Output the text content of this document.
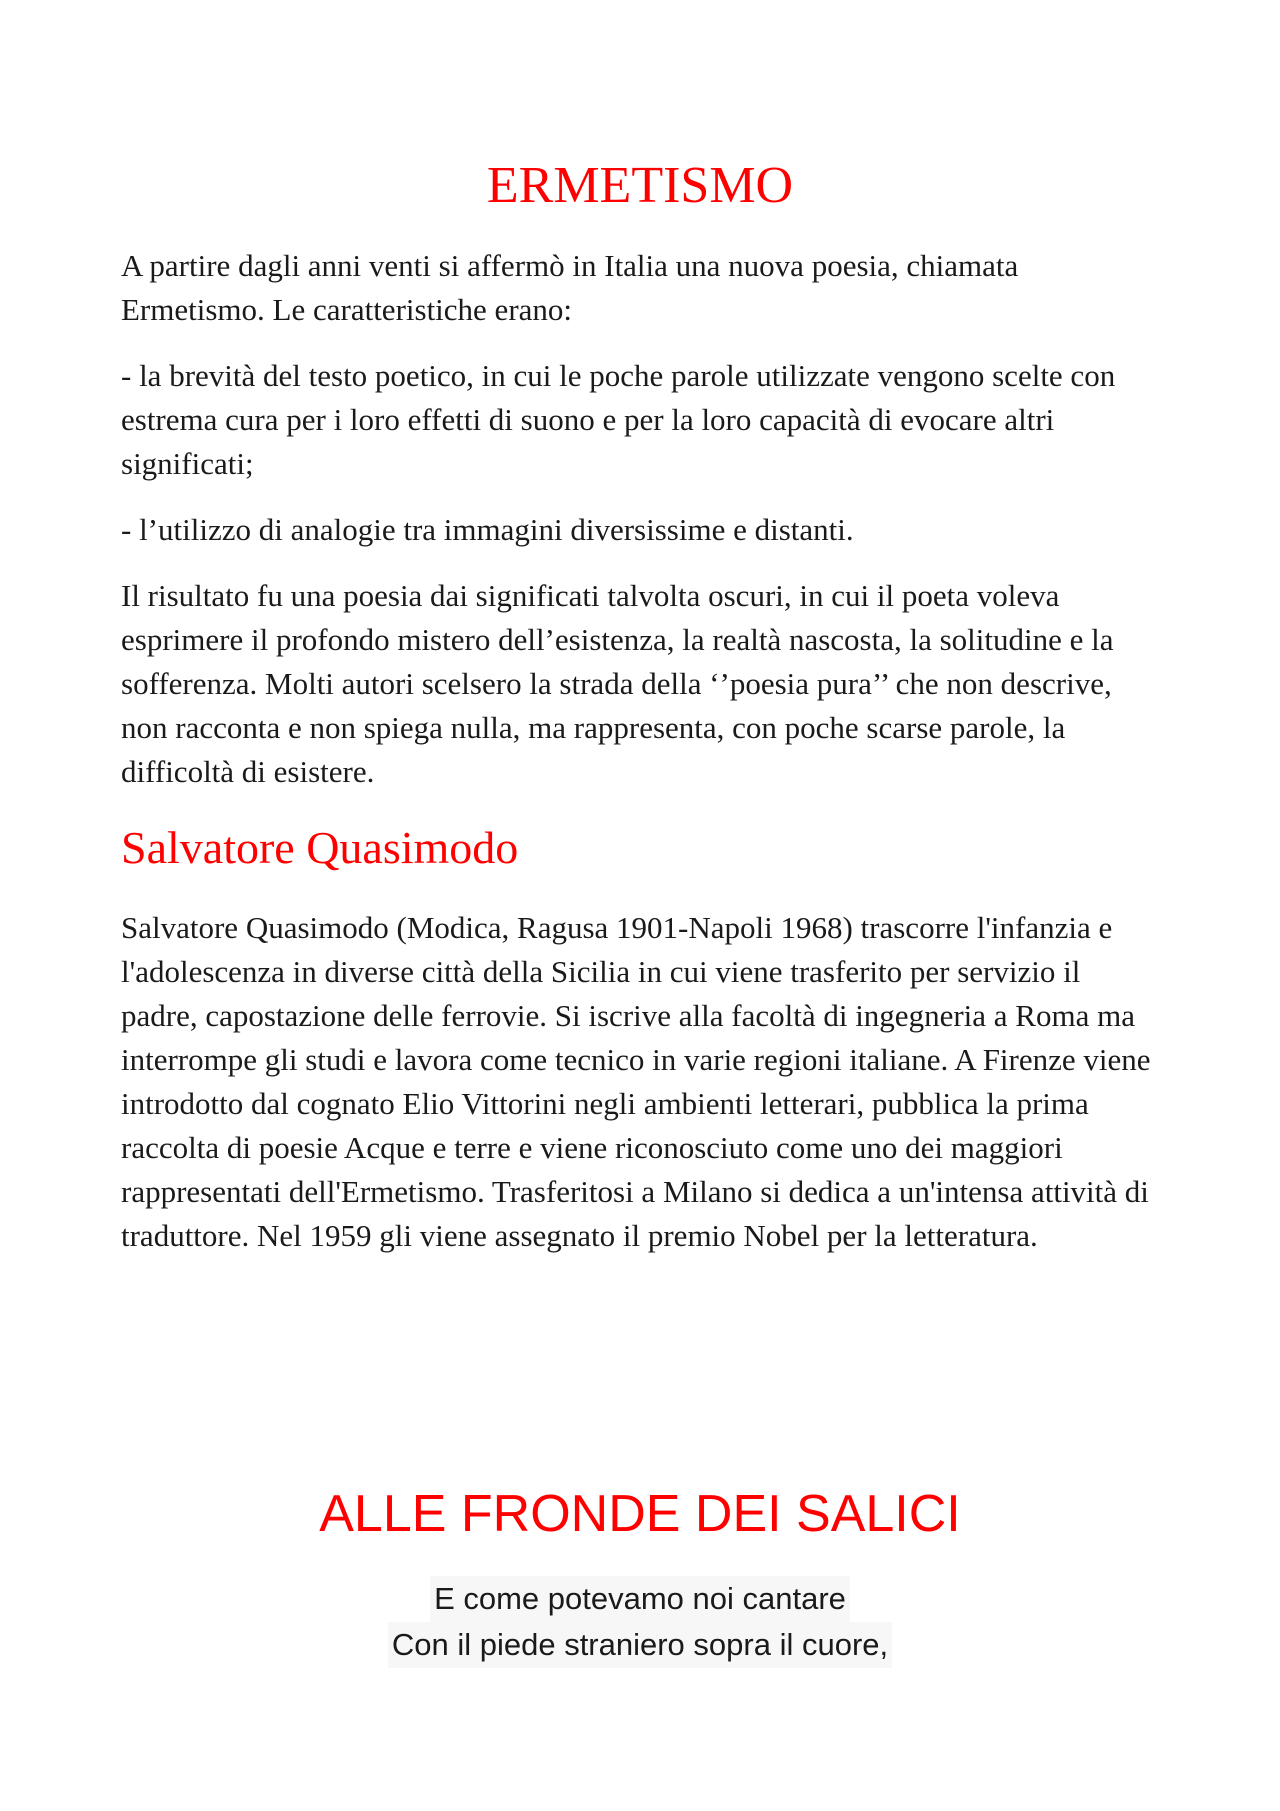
ERMETISMO

A partire dagli anni venti si affermò in Italia una nuova poesia, chiamata Ermetismo. Le caratteristiche erano:

- la brevità del testo poetico, in cui le poche parole utilizzate vengono scelte con estrema cura per i loro effetti di suono e per la loro capacità di evocare altri significati;

- l’utilizzo di analogie tra immagini diversissime e distanti.

Il risultato fu una poesia dai significati talvolta oscuri, in cui il poeta voleva esprimere il profondo mistero dell’esistenza, la realtà nascosta, la solitudine e la sofferenza. Molti autori scelsero la strada della ‘’poesia pura’’ che non descrive, non racconta e non spiega nulla, ma rappresenta, con poche scarse parole, la difficoltà di esistere.

Salvatore Quasimodo

Salvatore Quasimodo (Modica, Ragusa 1901-Napoli 1968) trascorre l'infanzia e l'adolescenza in diverse città della Sicilia in cui viene trasferito per servizio il padre, capostazione delle ferrovie. Si iscrive alla facoltà di ingegneria a Roma ma interrompe gli studi e lavora come tecnico in varie regioni italiane. A Firenze viene introdotto dal cognato Elio Vittorini negli ambienti letterari, pubblica la prima raccolta di poesie Acque e terre e viene riconosciuto come uno dei maggiori rappresentati dell'Ermetismo. Trasferitosi a Milano si dedica a un'intensa attività di traduttore. Nel 1959 gli viene assegnato il premio Nobel per la letteratura.

ALLE FRONDE DEI SALICI
E come potevamo noi cantare
Con il piede straniero sopra il cuore,
